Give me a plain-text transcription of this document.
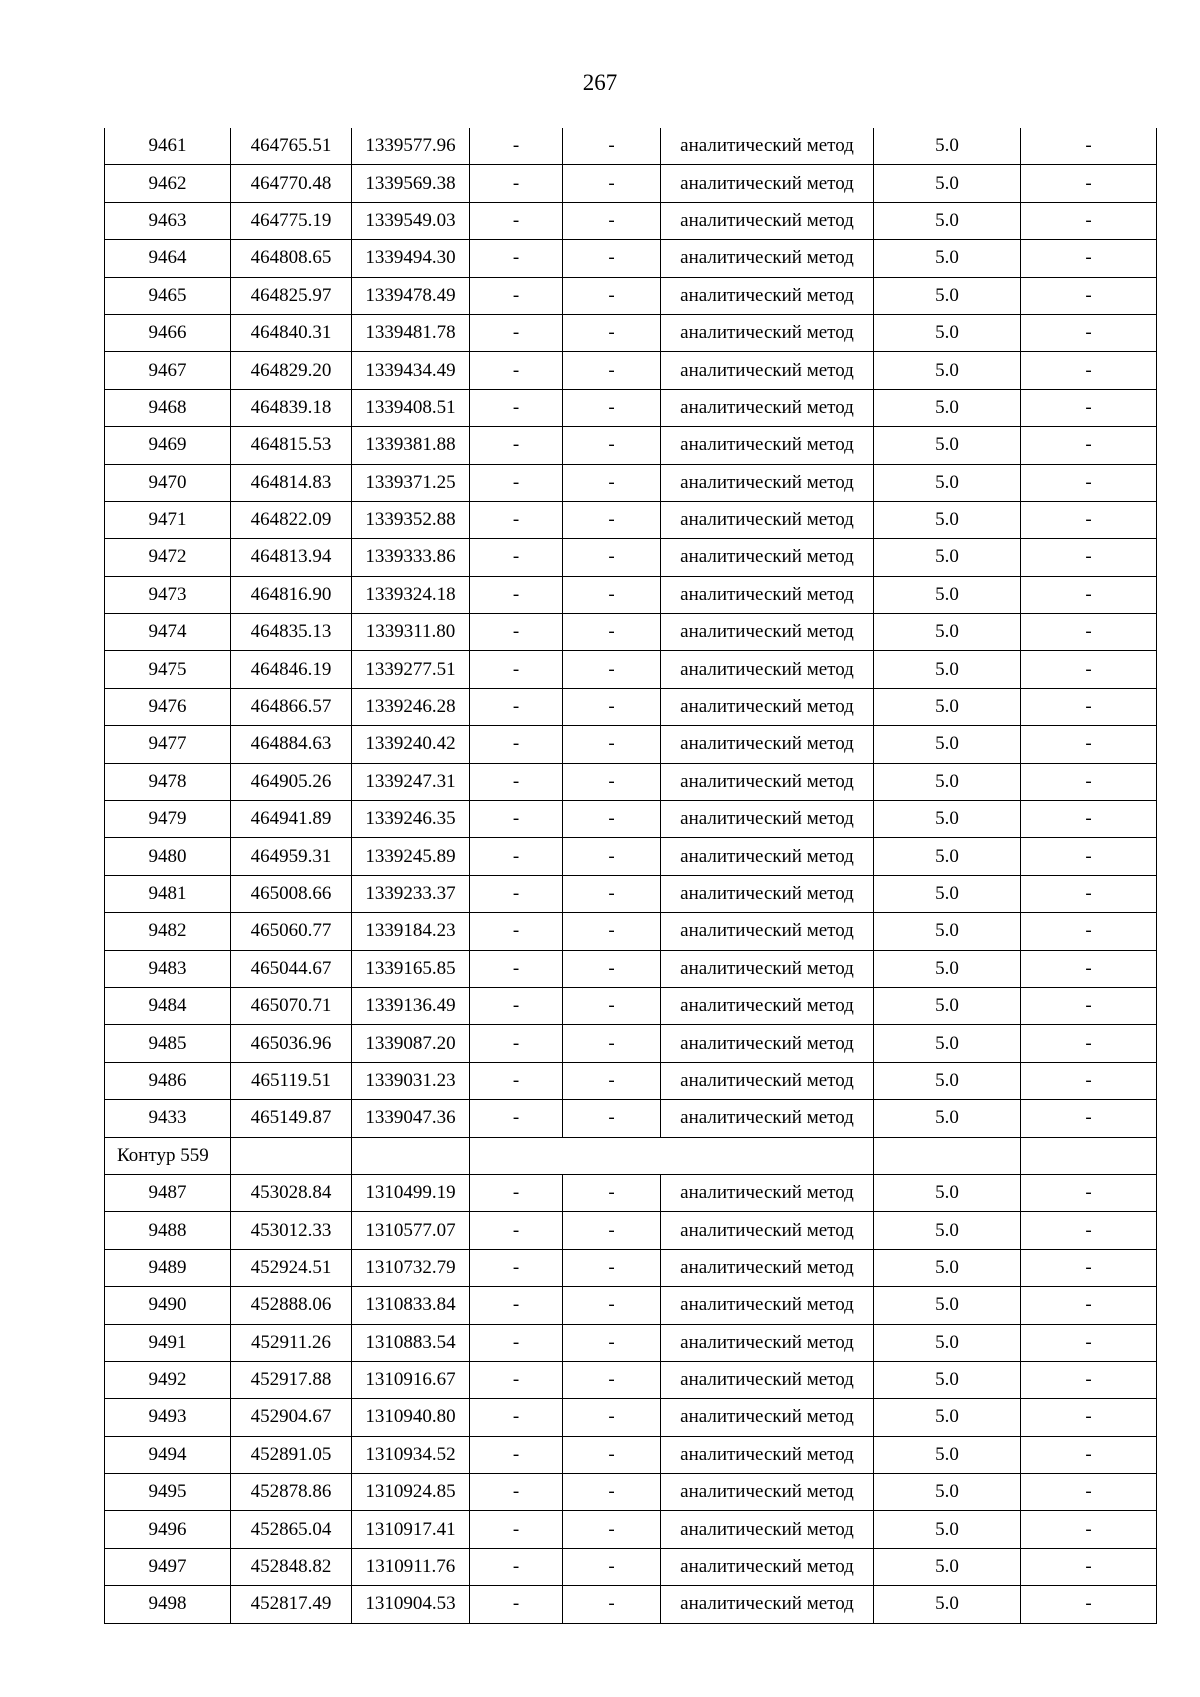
267
9461	464765.51	1339577.96	-	-	аналитический метод	5.0	-
9462	464770.48	1339569.38	-	-	аналитический метод	5.0	-
9463	464775.19	1339549.03	-	-	аналитический метод	5.0	-
9464	464808.65	1339494.30	-	-	аналитический метод	5.0	-
9465	464825.97	1339478.49	-	-	аналитический метод	5.0	-
9466	464840.31	1339481.78	-	-	аналитический метод	5.0	-
9467	464829.20	1339434.49	-	-	аналитический метод	5.0	-
9468	464839.18	1339408.51	-	-	аналитический метод	5.0	-
9469	464815.53	1339381.88	-	-	аналитический метод	5.0	-
9470	464814.83	1339371.25	-	-	аналитический метод	5.0	-
9471	464822.09	1339352.88	-	-	аналитический метод	5.0	-
9472	464813.94	1339333.86	-	-	аналитический метод	5.0	-
9473	464816.90	1339324.18	-	-	аналитический метод	5.0	-
9474	464835.13	1339311.80	-	-	аналитический метод	5.0	-
9475	464846.19	1339277.51	-	-	аналитический метод	5.0	-
9476	464866.57	1339246.28	-	-	аналитический метод	5.0	-
9477	464884.63	1339240.42	-	-	аналитический метод	5.0	-
9478	464905.26	1339247.31	-	-	аналитический метод	5.0	-
9479	464941.89	1339246.35	-	-	аналитический метод	5.0	-
9480	464959.31	1339245.89	-	-	аналитический метод	5.0	-
9481	465008.66	1339233.37	-	-	аналитический метод	5.0	-
9482	465060.77	1339184.23	-	-	аналитический метод	5.0	-
9483	465044.67	1339165.85	-	-	аналитический метод	5.0	-
9484	465070.71	1339136.49	-	-	аналитический метод	5.0	-
9485	465036.96	1339087.20	-	-	аналитический метод	5.0	-
9486	465119.51	1339031.23	-	-	аналитический метод	5.0	-
9433	465149.87	1339047.36	-	-	аналитический метод	5.0	-
Контур 559							
9487	453028.84	1310499.19	-	-	аналитический метод	5.0	-
9488	453012.33	1310577.07	-	-	аналитический метод	5.0	-
9489	452924.51	1310732.79	-	-	аналитический метод	5.0	-
9490	452888.06	1310833.84	-	-	аналитический метод	5.0	-
9491	452911.26	1310883.54	-	-	аналитический метод	5.0	-
9492	452917.88	1310916.67	-	-	аналитический метод	5.0	-
9493	452904.67	1310940.80	-	-	аналитический метод	5.0	-
9494	452891.05	1310934.52	-	-	аналитический метод	5.0	-
9495	452878.86	1310924.85	-	-	аналитический метод	5.0	-
9496	452865.04	1310917.41	-	-	аналитический метод	5.0	-
9497	452848.82	1310911.76	-	-	аналитический метод	5.0	-
9498	452817.49	1310904.53	-	-	аналитический метод	5.0	-
